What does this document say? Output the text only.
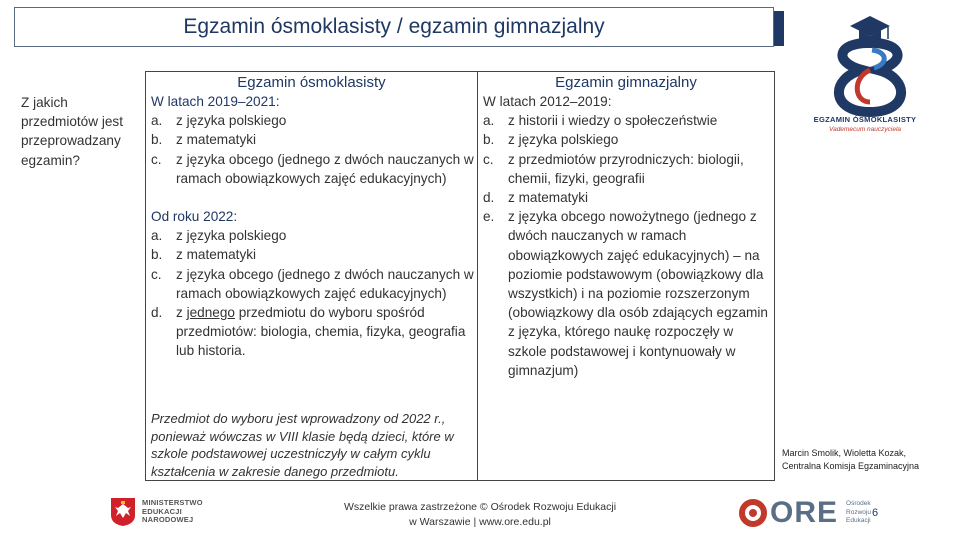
Egzamin ósmoklasisty / egzamin gimnazjalny
EGZAMIN ÓSMOKLASISTY
Vademecum nauczyciela
Z jakich
przedmiotów jest
przeprowadzany
egzamin?
Egzamin ósmoklasisty
W latach 2019–2021:
a. z języka polskiego
b. z matematyki
c. z języka obcego (jednego z dwóch nauczanych w ramach obowiązkowych zajęć edukacyjnych)
Od roku 2022:
a. z języka polskiego
b. z matematyki
c. z języka obcego (jednego z dwóch nauczanych w ramach obowiązkowych zajęć edukacyjnych)
d. z jednego przedmiotu do wyboru spośród przedmiotów: biologia, chemia, fizyka, geografia lub historia.
Przedmiot do wyboru jest wprowadzony od 2022 r., ponieważ wówczas w VIII klasie będą dzieci, które w szkole podstawowej uczestniczyły w całym cyklu kształcenia w zakresie danego przedmiotu.
Egzamin gimnazjalny
W latach 2012–2019:
a. z historii i wiedzy o społeczeństwie
b. z języka polskiego
c. z przedmiotów przyrodniczych: biologii, chemii, fizyki, geografii
d. z matematyki
e. z języka obcego nowożytnego (jednego z dwóch nauczanych w ramach obowiązkowych zajęć edukacyjnych) – na poziomie podstawowym (obowiązkowy dla wszystkich) i na poziomie rozszerzonym (obowiązkowy dla osób zdających egzamin z języka, którego naukę rozpoczęły w szkole podstawowej i kontynuowały w gimnazjum)
Marcin Smolik, Wioletta Kozak,
Centralna Komisja Egzaminacyjna
MINISTERSTWO
EDUKACJI
NARODOWEJ
Wszelkie prawa zastrzeżone © Ośrodek Rozwoju Edukacji
w Warszawie | www.ore.edu.pl	ORE Ośrodek
Rozwoju
Edukacji
6
